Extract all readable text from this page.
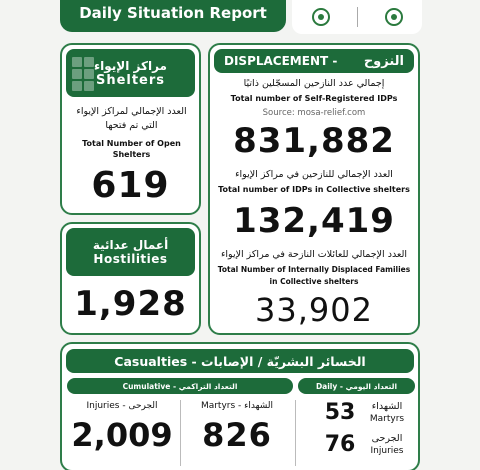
Daily Situation Report
مراكز الإيواء
Shelters
العدد الإجمالي لمراكز الإيواء التي تم فتحها
Total Number of Open Shelters
619
أعمال عدائية
Hostilities
1,928
DISPLACEMENT - النزوح
إجمالي عدد النازحين المسجّلين ذاتيًا
Total number of Self-Registered IDPs
Source: mosa-relief.com
831,882
العدد الإجمالي للنازحين في مراكز الإيواء
Total number of IDPs in Collective shelters
132,419
العدد الإجمالي للعائلات النازحة في مراكز الإيواء
Total Number of Internally Displaced Families
in Collective shelters
33,902
Casualties -
الخسائر البشريّة / الإصابات
Cumulative - التعداد التراكمي	Daily - التعداد اليومي
Injuries - الجرحى	Martyrs - الشهداء
2,009 826
53	الشهداء
Martyrs
76	الجرحى
Injuries
